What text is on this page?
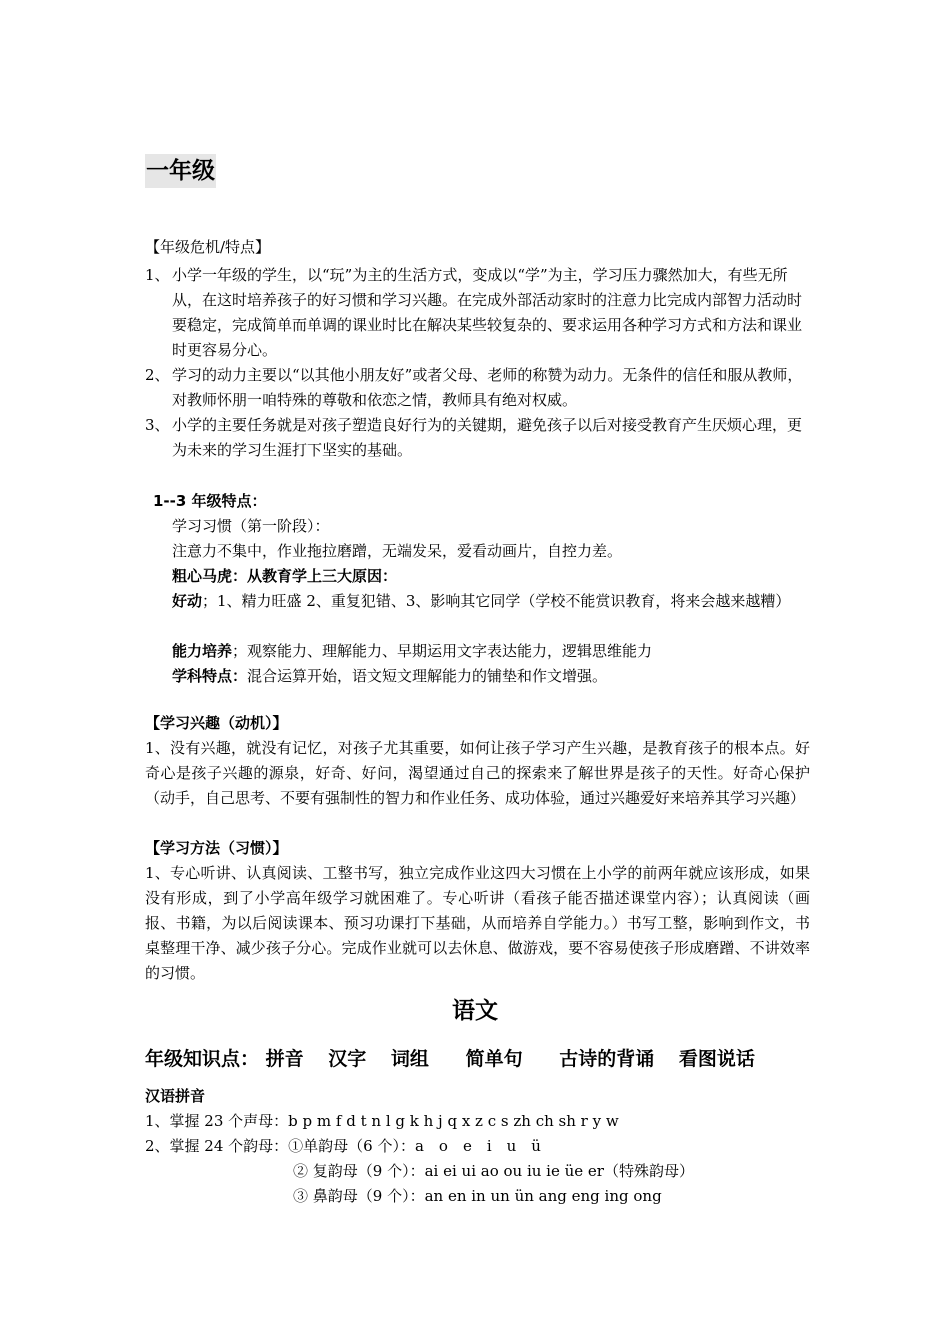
一年级
【年级危机/特点】
1、 小学一年级的学生，以“玩”为主的生活方式，变成以“学”为主，学习压力骤然加大，有些无所从，在这时培养孩子的好习惯和学习兴趣。在完成外部活动家时的注意力比完成内部智力活动时要稳定，完成简单而单调的课业时比在解决某些较复杂的、要求运用各种学习方式和方法和课业时更容易分心。
2、 学习的动力主要以“以其他小朋友好”或者父母、老师的称赞为动力。无条件的信任和服从教师，对教师怀朋一咱特殊的尊敬和依恋之情，教师具有绝对权威。
3、 小学的主要任务就是对孩子塑造良好行为的关键期，避免孩子以后对接受教育产生厌烦心理，更为未来的学习生涯打下坚实的基础。
1--3 年级特点：
学习习惯（第一阶段）：
注意力不集中，作业拖拉磨蹭，无端发呆，爱看动画片，自控力差。
粗心马虎：从教育学上三大原因：
好动；1、精力旺盛 2、重复犯错、3、影响其它同学（学校不能赏识教育，将来会越来越糟）
能力培养；观察能力、理解能力、早期运用文字表达能力，逻辑思维能力
学科特点：混合运算开始，语文短文理解能力的铺垫和作文增强。
【学习兴趣（动机）】
1、没有兴趣，就没有记忆，对孩子尤其重要，如何让孩子学习产生兴趣，是教育孩子的根本点。好奇心是孩子兴趣的源泉，好奇、好问，渴望通过自己的探索来了解世界是孩子的天性。好奇心保护（动手，自己思考、不要有强制性的智力和作业任务、成功体验，通过兴趣爱好来培养其学习兴趣）
【学习方法（习惯）】
1、专心听讲、认真阅读、工整书写，独立完成作业这四大习惯在上小学的前两年就应该形成，如果没有形成，到了小学高年级学习就困难了。专心听讲（看孩子能否描述课堂内容）；认真阅读（画报、书籍，为以后阅读课本、预习功课打下基础，从而培养自学能力。）书写工整，影响到作文，书桌整理干净、减少孩子分心。完成作业就可以去休息、做游戏，要不容易使孩子形成磨蹭、不讲效率的习惯。
语文
年级知识点： 拼音 汉字 词组 简单句 古诗的背诵 看图说话
汉语拼音
1、掌握 23 个声母：b p m f d t n l g k h j q x z c s zh ch sh r y w
2、掌握 24 个韵母：①单韵母（6 个）：a　o　e　i　u　ü
② 复韵母（9 个）：ai ei ui ao ou iu ie üe er（特殊韵母）
③ 鼻韵母（9 个）：an en in un ün ang eng ing ong
